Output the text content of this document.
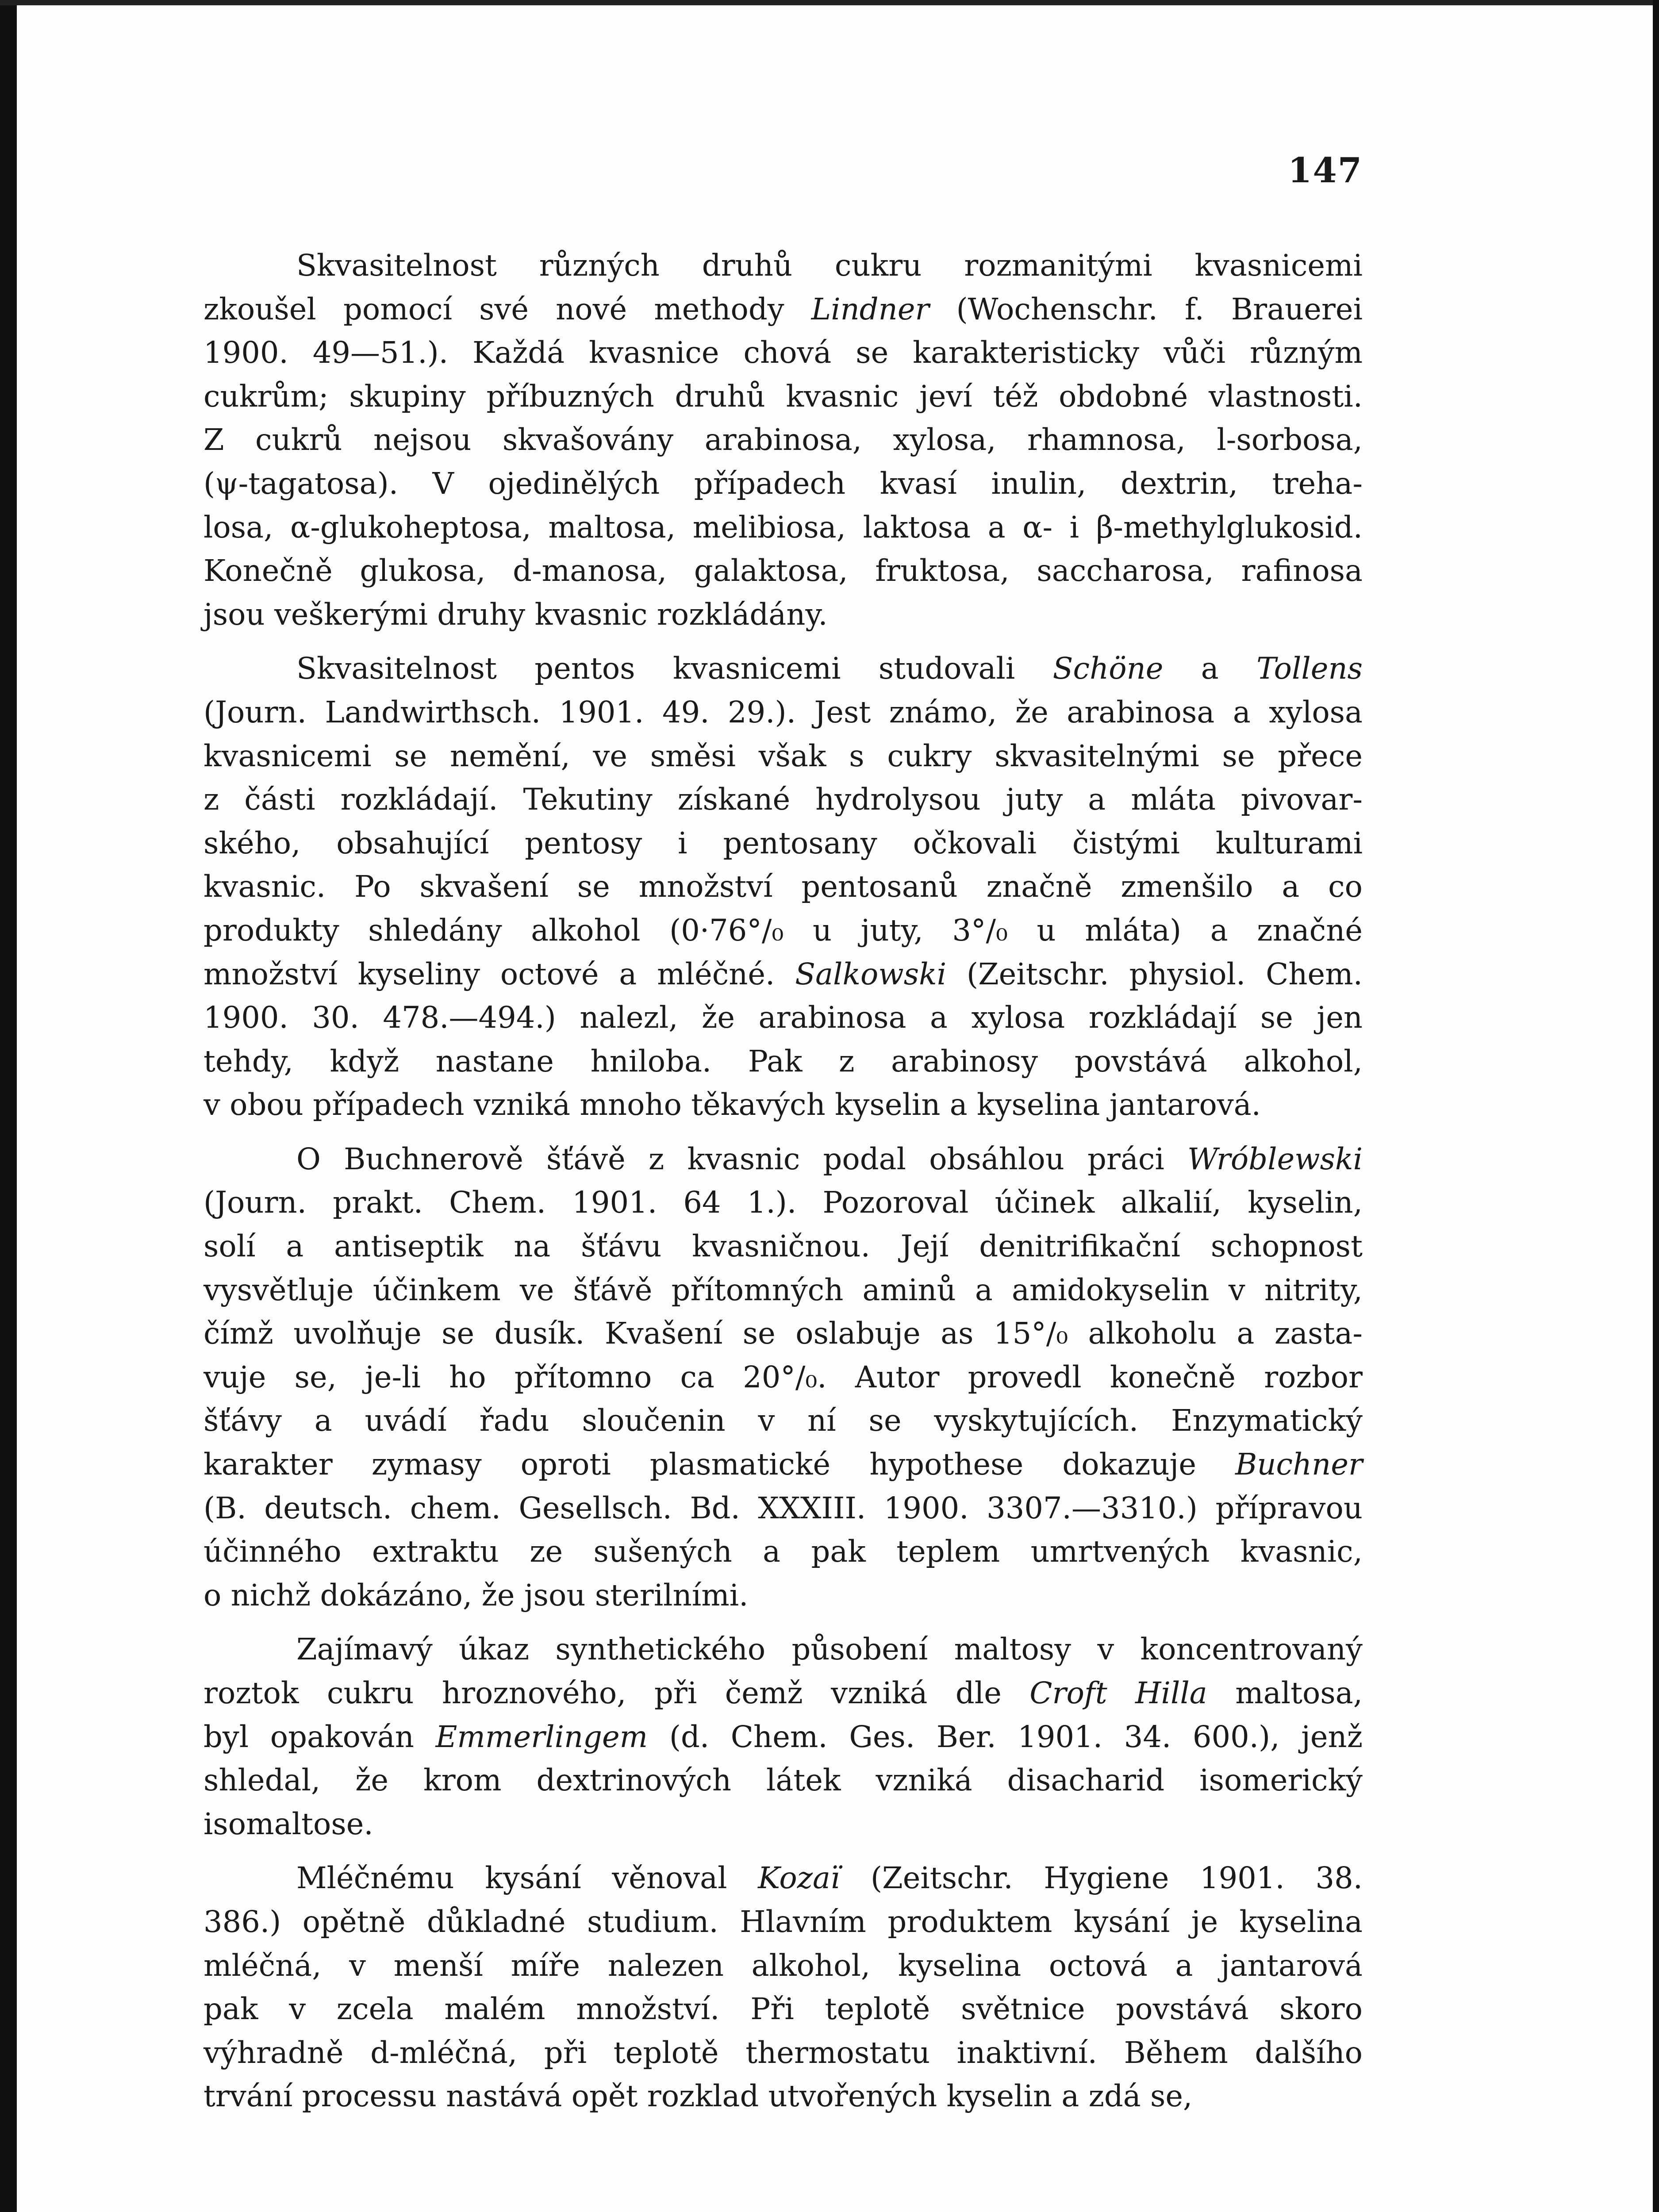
147
Skvasitelnost různých druhů cukru rozmanitými kvasnicemi
zkoušel pomocí své nové methody Lindner (Wochenschr. f. Brauerei
1900. 49—51.). Každá kvasnice chová se karakteristicky vůči různým
cukrům; skupiny příbuzných druhů kvasnic jeví též obdobné vlastnosti.
Z cukrů nejsou skvašovány arabinosa, xylosa, rhamnosa, l-sorbosa,
(ψ-tagatosa). V ojedinělých případech kvasí inulin, dextrin, treha-
losa, α-glukoheptosa, maltosa, melibiosa, laktosa a α- i β-methylglukosid.
Konečně glukosa, d-manosa, galaktosa, fruktosa, saccharosa, rafinosa
jsou veškerými druhy kvasnic rozkládány.
Skvasitelnost pentos kvasnicemi studovali Schöne a Tollens
(Journ. Landwirthsch. 1901. 49. 29.). Jest známo, že arabinosa a xylosa
kvasnicemi se nemění, ve směsi však s cukry skvasitelnými se přece
z části rozkládají. Tekutiny získané hydrolysou juty a mláta pivovar-
ského, obsahující pentosy i pentosany očkovali čistými kulturami
kvasnic. Po skvašení se množství pentosanů značně zmenšilo a co
produkty shledány alkohol (0·76°/₀ u juty, 3°/₀ u mláta) a značné
množství kyseliny octové a mléčné. Salkowski (Zeitschr. physiol. Chem.
1900. 30. 478.—494.) nalezl, že arabinosa a xylosa rozkládají se jen
tehdy, když nastane hniloba. Pak z arabinosy povstává alkohol,
v obou případech vzniká mnoho těkavých kyselin a kyselina jantarová.
O Buchnerově šťávě z kvasnic podal obsáhlou práci Wróblewski
(Journ. prakt. Chem. 1901. 64 1.). Pozoroval účinek alkalií, kyselin,
solí a antiseptik na šťávu kvasničnou. Její denitrifikační schopnost
vysvětluje účinkem ve šťávě přítomných aminů a amidokyselin v nitrity,
čímž uvolňuje se dusík. Kvašení se oslabuje as 15°/₀ alkoholu a zasta-
vuje se, je-li ho přítomno ca 20°/₀. Autor provedl konečně rozbor
šťávy a uvádí řadu sloučenin v ní se vyskytujících. Enzymatický
karakter zymasy oproti plasmatické hypothese dokazuje Buchner
(B. deutsch. chem. Gesellsch. Bd. XXXIII. 1900. 3307.—3310.) přípravou
účinného extraktu ze sušených a pak teplem umrtvených kvasnic,
o nichž dokázáno, že jsou sterilními.
Zajímavý úkaz synthetického působení maltosy v koncentrovaný
roztok cukru hroznového, při čemž vzniká dle Croft Hilla maltosa,
byl opakován Emmerlingem (d. Chem. Ges. Ber. 1901. 34. 600.), jenž
shledal, že krom dextrinových látek vzniká disacharid isomerický
isomaltose.
Mléčnému kysání věnoval Kozaï (Zeitschr. Hygiene 1901. 38.
386.) opětně důkladné studium. Hlavním produktem kysání je kyselina
mléčná, v menší míře nalezen alkohol, kyselina octová a jantarová
pak v zcela malém množství. Při teplotě světnice povstává skoro
výhradně d-mléčná, při teplotě thermostatu inaktivní. Během dalšího
trvání processu nastává opět rozklad utvořených kyselin a zdá se,
